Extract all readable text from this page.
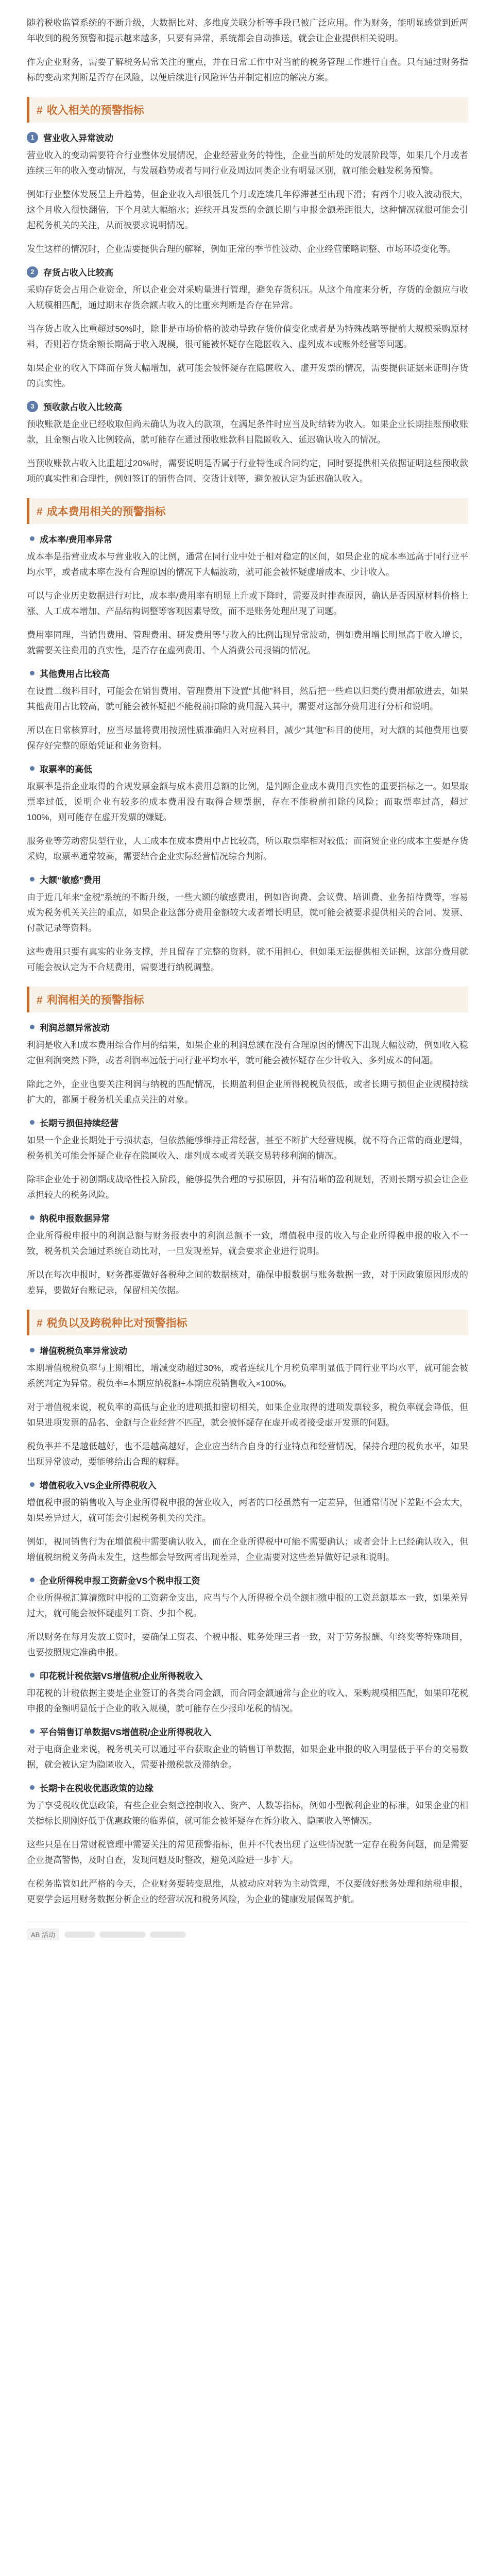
随着税收监管系统的不断升级，大数据比对、多维度关联分析等手段已被广泛应用。作为财务，能明显感觉到近两年收到的税务预警和提示越来越多，只要有异常，系统都会自动推送，就会让企业提供相关说明。

作为企业财务，需要了解税务局常关注的重点，并在日常工作中对当前的税务管理工作进行自查。只有通过财务指标的变动来判断是否存在风险，以便后续进行风险评估并制定相应的解决方案。

# 收入相关的预警指标
1	营业收入异常波动

营业收入的变动需要符合行业整体发展情况，企业经营业务的特性，企业当前所处的发展阶段等，如果几个月或者连续三年的收入变动情况，与发展趋势或者与同行业及周边同类企业有明显区别，就可能会触发税务预警。

例如行业整体发展呈上升趋势，但企业收入却很低几个月或连续几年停滞甚至出现下滑；有两个月收入波动很大，这个月收入很快翻倍，下个月就大幅缩水；连续开具发票的金额长期与申报金额差距很大，这种情况就很可能会引起税务机关的关注，从而被要求说明情况。

发生这样的情况时，企业需要提供合理的解释，例如正常的季节性波动、企业经营策略调整、市场环境变化等。

2	存货占收入比较高

采购存货会占用企业资金，所以企业会对采购量进行管理，避免存货积压。从这个角度来分析，存货的金额应与收入规模相匹配，通过期末存货余额占收入的比重来判断是否存在异常。

当存货占收入比重超过50%时，除非是市场价格的波动导致存货价值变化或者是为特殊战略等提前大规模采购原材料，否则若存货余额长期高于收入规模，很可能被怀疑存在隐匿收入、虚列成本或账外经营等问题。

如果企业的收入下降而存货大幅增加，就可能会被怀疑存在隐匿收入、虚开发票的情况，需要提供证据来证明存货的真实性。

3	预收款占收入比较高

预收账款是企业已经收取但尚未确认为收入的款项，在满足条件时应当及时结转为收入。如果企业长期挂账预收账款，且金额占收入比例较高，就可能存在通过预收账款科目隐匿收入、延迟确认收入的情况。

当预收账款占收入比重超过20%时，需要说明是否属于行业特性或合同约定，同时要提供相关依据证明这些预收款项的真实性和合理性，例如签订的销售合同、交货计划等，避免被认定为延迟确认收入。

# 成本费用相关的预警指标
成本率/费用率异常

成本率是指营业成本与营业收入的比例，通常在同行业中处于相对稳定的区间，如果企业的成本率远高于同行业平均水平，或者成本率在没有合理原因的情况下大幅波动，就可能会被怀疑虚增成本、少计收入。

可以与企业历史数据进行对比，成本率/费用率有明显上升或下降时，需要及时排查原因，确认是否因原材料价格上涨、人工成本增加、产品结构调整等客观因素导致，而不是账务处理出现了问题。

费用率同理，当销售费用、管理费用、研发费用等与收入的比例出现异常波动，例如费用增长明显高于收入增长，就需要关注费用的真实性，是否存在虚列费用、个人消费公司报销的情况。

其他费用占比较高

在设置二级科目时，可能会在销售费用、管理费用下设置“其他”科目，然后把一些难以归类的费用都放进去，如果其他费用占比较高，就可能会被怀疑把不能税前扣除的费用混入其中，需要对这部分费用进行分析和说明。

所以在日常核算时，应当尽量将费用按照性质准确归入对应科目，减少“其他”科目的使用，对大额的其他费用也要保存好完整的原始凭证和业务资料。

取票率的高低

取票率是指企业取得的合规发票金额与成本费用总额的比例，是判断企业成本费用真实性的重要指标之一。如果取票率过低，说明企业有较多的成本费用没有取得合规票据，存在不能税前扣除的风险；而取票率过高，超过100%，则可能存在虚开发票的嫌疑。

服务业等劳动密集型行业，人工成本在成本费用中占比较高，所以取票率相对较低；而商贸企业的成本主要是存货采购，取票率通常较高，需要结合企业实际经营情况综合判断。

大额“敏感”费用

由于近几年来“金税”系统的不断升级，一些大额的敏感费用，例如咨询费、会议费、培训费、业务招待费等，容易成为税务机关关注的重点，如果企业这部分费用金额较大或者增长明显，就可能会被要求提供相关的合同、发票、付款记录等资料。

这些费用只要有真实的业务支撑，并且留存了完整的资料，就不用担心，但如果无法提供相关证据，这部分费用就可能会被认定为不合规费用，需要进行纳税调整。

# 利润相关的预警指标
利润总额异常波动

利润是收入和成本费用综合作用的结果，如果企业的利润总额在没有合理原因的情况下出现大幅波动，例如收入稳定但利润突然下降，或者利润率远低于同行业平均水平，就可能会被怀疑存在少计收入、多列成本的问题。

除此之外，企业也要关注利润与纳税的匹配情况，长期盈利但企业所得税税负很低，或者长期亏损但企业规模持续扩大的，都属于税务机关重点关注的对象。

长期亏损但持续经营

如果一个企业长期处于亏损状态，但依然能够维持正常经营，甚至不断扩大经营规模，就不符合正常的商业逻辑，税务机关可能会怀疑企业存在隐匿收入、虚列成本或者关联交易转移利润的情况。

除非企业处于初创期或战略性投入阶段，能够提供合理的亏损原因，并有清晰的盈利规划，否则长期亏损会让企业承担较大的税务风险。

纳税申报数据异常

企业所得税申报中的利润总额与财务报表中的利润总额不一致，增值税申报的收入与企业所得税申报的收入不一致，税务机关会通过系统自动比对，一旦发现差异，就会要求企业进行说明。

所以在每次申报时，财务都要做好各税种之间的数据核对，确保申报数据与账务数据一致，对于因政策原因形成的差异，要做好台账记录，保留相关依据。

# 税负以及跨税种比对预警指标
增值税税负率异常波动

本期增值税税负率与上期相比，增减变动超过30%，或者连续几个月税负率明显低于同行业平均水平，就可能会被系统判定为异常。税负率=本期应纳税额÷本期应税销售收入×100%。

对于增值税来说，税负率的高低与企业的进项抵扣密切相关，如果企业取得的进项发票较多，税负率就会降低，但如果进项发票的品名、金额与企业经营不匹配，就会被怀疑存在虚开或者接受虚开发票的问题。

税负率并不是越低越好，也不是越高越好，企业应当结合自身的行业特点和经营情况，保持合理的税负水平，如果出现异常波动，要能够给出合理的解释。

增值税收入VS企业所得税收入

增值税申报的销售收入与企业所得税申报的营业收入，两者的口径虽然有一定差异，但通常情况下差距不会太大，如果差异过大，就可能会引起税务机关的关注。

例如，视同销售行为在增值税中需要确认收入，而在企业所得税中可能不需要确认；或者会计上已经确认收入，但增值税纳税义务尚未发生，这些都会导致两者出现差异，企业需要对这些差异做好记录和说明。

企业所得税申报工资薪金VS个税申报工资

企业所得税汇算清缴时申报的工资薪金支出，应当与个人所得税全员全额扣缴申报的工资总额基本一致，如果差异过大，就可能会被怀疑虚列工资、少扣个税。

所以财务在每月发放工资时，要确保工资表、个税申报、账务处理三者一致，对于劳务报酬、年终奖等特殊项目，也要按照规定准确申报。

印花税计税依据VS增值税/企业所得税收入

印花税的计税依据主要是企业签订的各类合同金额，而合同金额通常与企业的收入、采购规模相匹配，如果印花税申报的金额明显低于企业的收入规模，就可能存在少报印花税的情况。

平台销售订单数据VS增值税/企业所得税收入

对于电商企业来说，税务机关可以通过平台获取企业的销售订单数据，如果企业申报的收入明显低于平台的交易数据，就会被认定为隐匿收入，需要补缴税款及滞纳金。

长期卡在税收优惠政策的边缘

为了享受税收优惠政策，有些企业会刻意控制收入、资产、人数等指标，例如小型微利企业的标准，如果企业的相关指标长期刚好低于优惠政策的临界值，就可能会被怀疑存在拆分收入、隐匿收入等情况。

这些只是在日常财税管理中需要关注的常见预警指标，但并不代表出现了这些情况就一定存在税务问题，而是需要企业提高警惕，及时自查，发现问题及时整改，避免风险进一步扩大。

在税务监管如此严格的今天，企业财务要转变思维，从被动应对转为主动管理，不仅要做好账务处理和纳税申报，更要学会运用财务数据分析企业的经营状况和税务风险，为企业的健康发展保驾护航。

AB 活动
